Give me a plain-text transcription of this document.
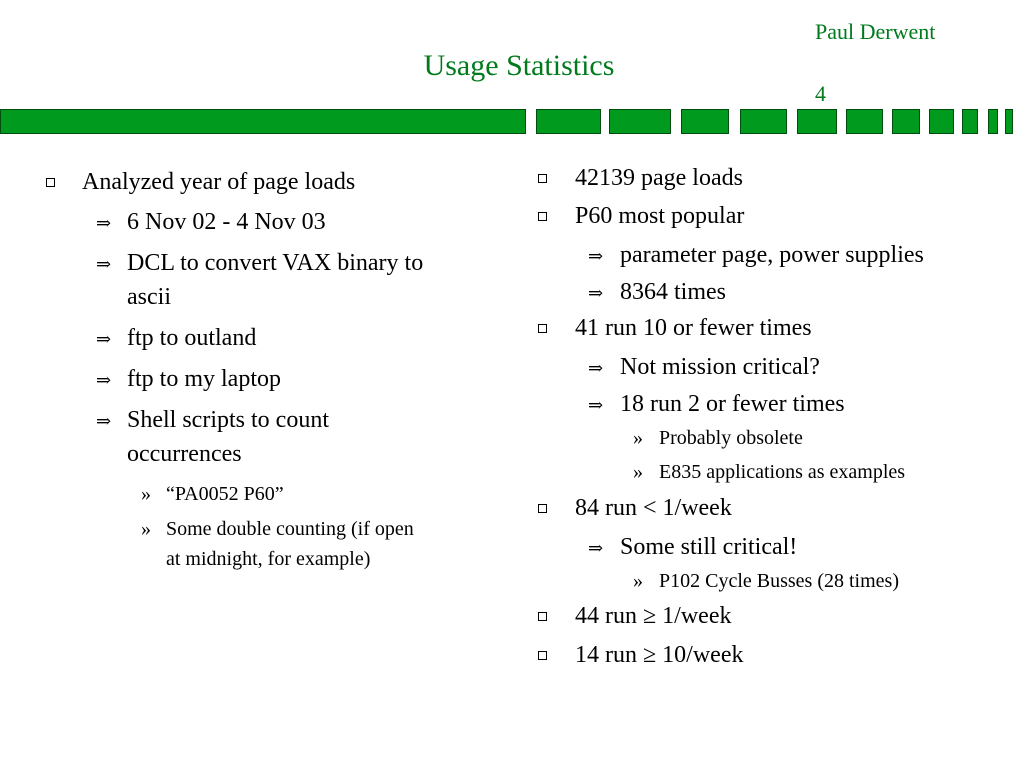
Paul Derwent
Usage Statistics
4
Analyzed year of page loads
⇒ 6 Nov 02 - 4 Nov 03
⇒ DCL to convert VAX binary to
ascii
⇒ ftp to outland
⇒ ftp to my laptop
⇒ Shell scripts to count
occurrences
» “PA0052 P60”
» Some double counting (if open
at midnight, for example)
42139 page loads
P60 most popular
⇒ parameter page, power supplies
⇒ 8364 times
41 run 10 or fewer times
⇒ Not mission critical?
⇒ 18 run 2 or fewer times
» Probably obsolete
» E835 applications as examples
84 run < 1/week
⇒ Some still critical!
» P102 Cycle Busses (28 times)
44 run ≥ 1/week
14 run ≥ 10/week
